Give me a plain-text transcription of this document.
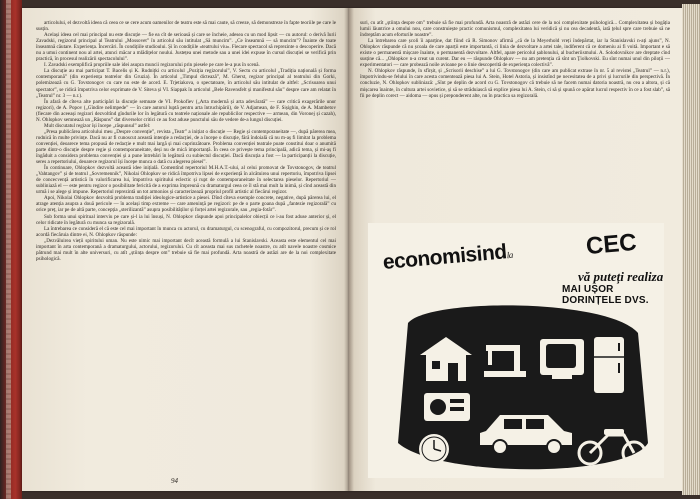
articolului, el dezvoltă ideea că ceea ce se cere acum oamenilor de teatru este să mai caute, să creeze, să demonstreze în fapte teoriile pe care le susțin.

Același ideea cel mai principal nu este discuție — fie ea cît de serioasă și care se încheie, adesea cu un mod lipsit — cu autorul: o derivă Iurii Zavadski, regizorul principal al Teatrului „Mossovet” în articolul său intitulat „Să muncim”. „Ce înseamnă — să muncim”? Înainte de toate înseamnă căutare. Experiența. Încercări. În condițiile studioului. Și în condițiile «teatrului viu». Fiecare spectacol să reprezinte o descoperire. Dacă nu a umui continent nou al artei, atunci măcar a mlădițelor noului. Justețea unei metode sau a unei idei expuse în cursul discuției se verifică prin practică, în procesul realizării spectacolului”.

I. Zavadski exemplifică propriile sale idei asupra muncii regizorului prin piesele pe care le-a pus în scenă.

La discuție au mai participat T. Bacelis și K. Rudnițki cu articolul „Poziția regizorului”, V. Sectu cu articolul „Tradiția națională și forma contemporană” (din experiența teatrelor din Gruzia). În articolul „Timpul dictează”, M. Gherst, regizor principal al teatrului din Gorki, polemizează cu G. Tovstonogov cu care nu este de acord. E. Trjetiakova, o spectatoare, în articolul său intitulat de altfel: „Scrisoarea unui spectator”, se ridică împotriva celor exprimate de V. Siteva și VI. Siappak în articolul „Bele Ravensfelt și manifestul său” despre care am relatat în „Teatrul” nr. 3 — n.r.).

În afară de cîteva alte participări la discuție semnate de VI. Prokofiev („Arta modernă și arta adevărată” — care critică exagerările unor regizori), de A. Popov („Gîndire nelimpede” — în care autorul luptă pentru arta întruchipării), de V. Adjamean, de F. Sișighin, de A. Mambetov (fiecare din aceeași regizori dezvoltînd gîndurile lor în legătură cu teatrele naționale ale republicilor respective — armean, din Voronej și cazah), N. Ohlopkov semnează un „Răspuns” dat diverselor critici ce au fost aduse punctului său de vedere de-a lungul discuției.

Mult discutatul regizor își începe „răspunsul” astfel:

„Presa publicărea articolului meu „Despre convenție”, revista „Teatr” a inițiat o discuție — Regie și contemporaneitate —, după părerea mea, rodnică în multe privințe. Dacă nu ar fi cunoscut această intenție a redacției, de a începe o discuție, fără îndoială că nu m-aș fi limitat la problema convenției, deoarece tema propusă de redacție e mult mai largă și mai cuprinzătoare. Problema convenției teatrale poate constitui doar o anumită parte dintr-o discuție despre regie și contemporaneitate, deși nu de mică importanță. În ceea ce privește tema principală, adică tema, și mi-aș fi îngăduit a considera problema convenției și a pune întrebări în legătură cu subiectul discuției. Dacă discuția a fost — la participanții la discuție, seres a repertoriului, deoarece regizorul își începe munca o dată cu alegerea piesei”.

În continuare, Ohlopkov dezvoltă această idee inițială. Comentînd repertoriul M.H.A.T.-ului, al celui promovat de Tovstonogov, de teatrul „Vahtangov” și de teatrul „Sovremennik”, Nikolai Ohlopkov se ridică împotriva lipsei de experiență în alcătuirea unui repertoriu, împotriva lipsei de concecvență artistică în valorificarea lui, împotriva spiritului eclectic și rupt de contemporaneitate în selectarea pieselor. Repertoriul — subliniază el — este pentru regizor o posibilitate fericită de a exprima împreună cu dramaturgul ceea ce îl stă mai mult la inimă, și cînd această din urmă i se alege și impune. Repertoriul reprezintă un tot armonios și caracterizează propriul profil artistic al fiecărui regizor.

Apoi, Nikolai Ohlopkov dezvoltă problema tradiției ideologice-artistice a piesei. Dînd cîteva exemple concrete, negative, după părerea lui, el atrage atenția asupra a două pericole — în același timp extreme — care amenință pe regizori: pe de o parte goana după „fantezie regizorală” cu orice preț, iar pe de altă parte, concepția „sterilizantă” asupra posibilităților și forței artei regizorale, sau „regia-fotăr”.

Sub forma unui spiritual interviu pe care și-l ia lui însuși, N. Ohlopkov răspunde apoi principalelor obiecții ce i-au fost aduse anterior și, el celor ridicate în legătură cu munca sa regizorală.

La întrebarea ce consideră el că este cel mai important în munca cu actorul, cu dramaturgul, cu scenograful, cu compozitorul, precum și ce rol acordă fiecăruia dintre ei, N. Ohlopkov răspunde:

„Dezvăluirea vieții spiritului uman. Nu este nimic mai important decît această formulă a lui Stanislavski. Aceasta este elementul cel mai important în arta contemporană a dramaturgului, actorului, regizorului. Cu cît aceasta mai sus rachetele noastre, cu atît navele noastre cosmice pătrund mai mult în alte universuri, cu atît „știința despre om” trebuie să fie mai profundă. Arta noastră de astăzi are de la noi complexitate psihologică.

94

suri, cu atît „știința despre om” trebuie să fie mai profundă. Arta noastră de astăzi cere de la noi complexitate psihologică... Complexitatea și bogăția lumii lăuntrice a omului nou, care construiește practic comunismul, complexitatea lui veridică și nu cea decadentă, iată ţelul spre care trebuie să ne îndreptăm acum eforturile noastre”.

La întrebarea care școli îi aparține, dat fiind că R. Simonov afirmă „că de la Meyerhold vreți îndepărtat, iar la Stanislavski n-ați ajuns”, N. Ohlopkov răspunde că nu școala de care aparții este importantă, ci linia de dezvoltare a artei tale, indiferent că ce domeniu ai fi voită. Important e să existe o permanentă mișcare înainte, o permanentă dezvoltare. Altfel, apare pericolul șablonului, al bucheriismului. A. Solodovnikov are dreptate cînd susține că... „Ohlopkov n-a creat un curent. Dar eu — răspunde Ohlopkov — nu am pretenția că sînt un Ţiolkovski. Eu sînt numai unul din piloții — experimentatori — care probează noile avioane pe o linie descoperită de experiența colectivă”.

N. Ohlopkov răspunde, în sfîrșit, și „Scrisorii deschise” a lui G. Tovstonogov (din care am publicat extrase în nr. 5 al revistei „Teatrul” — n.r.), împotrivindu-se felului în care acesta comentează piesa lui A. Stein, Hotel Astoria, și insistînd pe necesitatea de a privi și lucrurile din perspectivă. În concluzie, N. Ohlopkov subliniază: „Sînt pe deplin de acord cu G. Tovstonogov că trebuie să ne facem numai datoria noastră, nu cea a altora, și că mișcarea înainte, în cultura artei sovietice, și să se străduiască să explice piesa lui A. Stein, ci să și spună ce apărat lucrul respectiv în ce a fost slab”, să fii pe deplin corect — aidoma — opus și preponderent alte, nu în practica sa regizorală.

economisindla	CEC
vă puteți realiza
MAI UȘOR DORINȚELE DVS.
